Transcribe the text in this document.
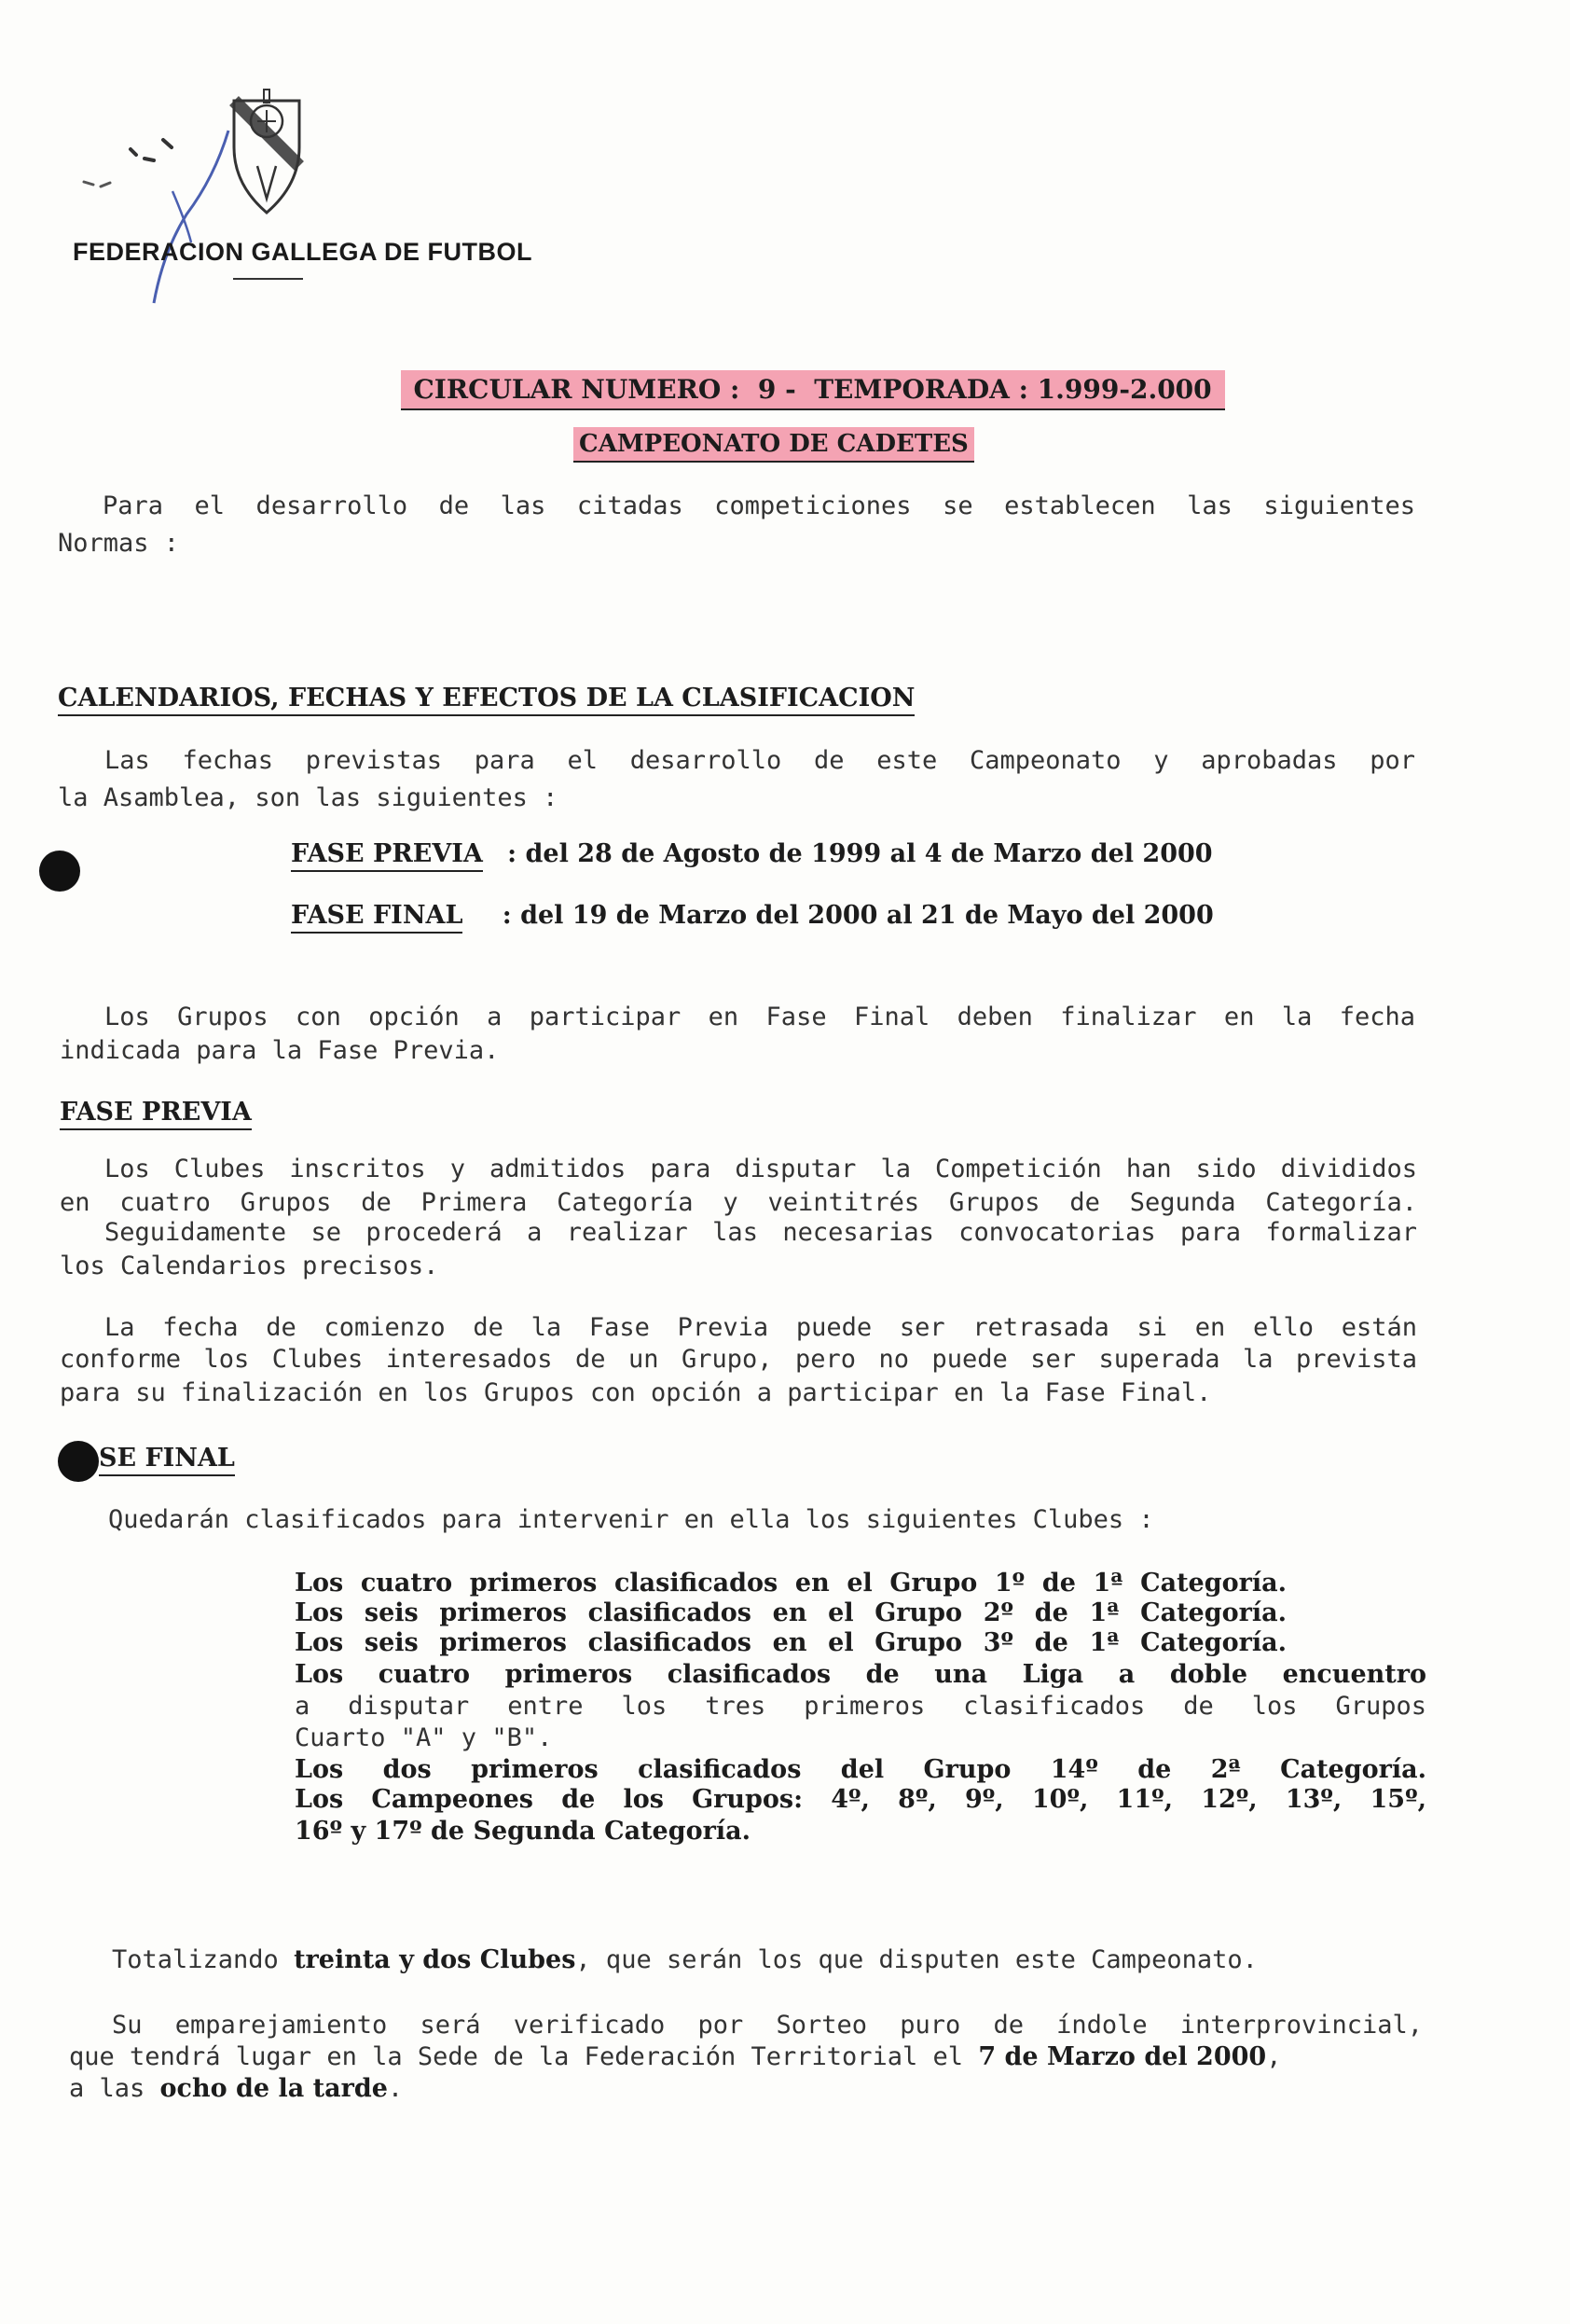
FEDERACION GALLEGA DE FUTBOL

CIRCULAR NUMERO :  9 -  TEMPORADA : 1.999-2.000

CAMPEONATO DE CADETES
Para el desarrollo de las citadas competiciones se establecen las siguientes
Normas :
CALENDARIOS, FECHAS Y EFECTOS DE LA CLASIFICACION
Las fechas previstas para el desarrollo de este Campeonato y aprobadas por
la Asamblea, son las siguientes :
FASE PREVIA : del 28 de Agosto de 1999 al 4 de Marzo del 2000
FASE FINAL : del 19 de Marzo del 2000 al 21 de Mayo del 2000
Los Grupos con opción a participar en Fase Final deben finalizar en la fecha
indicada para la Fase Previa.
FASE PREVIA
Los Clubes inscritos y admitidos para disputar la Competición han sido divididos
en cuatro Grupos de Primera Categoría y veintitrés Grupos de Segunda Categoría.
Seguidamente se procederá a realizar las necesarias convocatorias para formalizar
los Calendarios precisos.
La fecha de comienzo de la Fase Previa puede ser retrasada si en ello están
conforme los Clubes interesados de un Grupo, pero no puede ser superada la prevista
para su finalización en los Grupos con opción a participar en la Fase Final.
SE FINAL
Quedarán clasificados para intervenir en ella los siguientes Clubes :
Los cuatro primeros clasificados en el Grupo 1º de 1ª Categoría.
Los seis primeros clasificados en el Grupo 2º de 1ª Categoría.
Los seis primeros clasificados en el Grupo 3º de 1ª Categoría.
Los cuatro primeros clasificados de una Liga a doble encuentro
a disputar entre los tres primeros clasificados de los Grupos
Cuarto "A" y "B".
Los dos primeros clasificados del Grupo 14º de 2ª Categoría.
Los Campeones de los Grupos: 4º, 8º, 9º, 10º, 11º, 12º, 13º, 15º,
16º y 17º de Segunda Categoría.
Totalizando treinta y dos Clubes, que serán los que disputen este Campeonato.
Su emparejamiento será verificado por Sorteo puro de índole interprovincial,
que tendrá lugar en la Sede de la Federación Territorial el 7 de Marzo del 2000,
a las ocho de la tarde.
